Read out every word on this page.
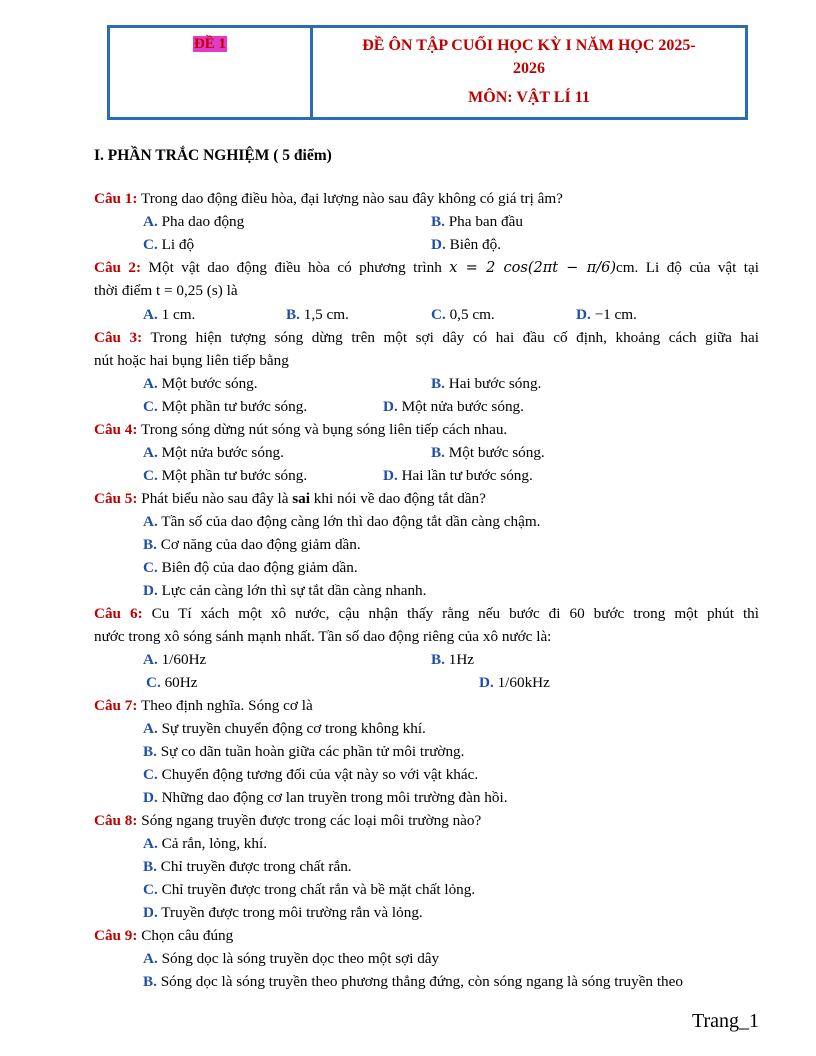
ĐỀ 1	ĐỀ ÔN TẬP CUỐI HỌC KỲ I NĂM HỌC 2025-
2026
MÔN: VẬT LÍ 11
I. PHẦN TRẮC NGHIỆM ( 5 điểm)
Câu 1: Trong dao động điều hòa, đại lượng nào sau đây không có giá trị âm?
A. Pha dao động	B. Pha ban đầu
C. Li độ	D. Biên độ.
Câu 2: Một vật dao động điều hòa có phương trình x = 2 cos(2πt − π/6)cm. Li độ của vật tại
thời điểm t = 0,25 (s) là
A. 1 cm.	B. 1,5 cm.	C. 0,5 cm.	D. −1 cm.
Câu 3: Trong hiện tượng sóng dừng trên một sợi dây có hai đầu cố định, khoảng cách giữa hai
nút hoặc hai bụng liên tiếp bằng
A. Một bước sóng.	B. Hai bước sóng.
C. Một phần tư bước sóng.	D. Một nửa bước sóng.
Câu 4: Trong sóng dừng nút sóng và bụng sóng liên tiếp cách nhau.
A. Một nửa bước sóng.	B. Một bước sóng.
C. Một phần tư bước sóng.	D. Hai lần tư bước sóng.
Câu 5: Phát biểu nào sau đây là sai khi nói về dao động tắt dần?
A. Tần số của dao động càng lớn thì dao động tắt dần càng chậm.
B. Cơ năng của dao động giảm dần.
C. Biên độ của dao động giảm dần.
D. Lực cản càng lớn thì sự tắt dần càng nhanh.
Câu 6: Cu Tí xách một xô nước, cậu nhận thấy rằng nếu bước đi 60 bước trong một phút thì
nước trong xô sóng sánh mạnh nhất. Tần số dao động riêng của xô nước là:
A. 1/60Hz	B. 1Hz
C. 60Hz	D. 1/60kHz
Câu 7: Theo định nghĩa. Sóng cơ là
A. Sự truyền chuyển động cơ trong không khí.
B. Sự co dãn tuần hoàn giữa các phần tử môi trường.
C. Chuyển động tương đối của vật này so với vật khác.
D. Những dao động cơ lan truyền trong môi trường đàn hồi.
Câu 8: Sóng ngang truyền được trong các loại môi trường nào?
A. Cả rắn, lỏng, khí.
B. Chỉ truyền được trong chất rắn.
C. Chỉ truyền được trong chất rắn và bề mặt chất lỏng.
D. Truyền được trong môi trường rắn và lỏng.
Câu 9: Chọn câu đúng
A. Sóng dọc là sóng truyền dọc theo một sợi dây
B. Sóng dọc là sóng truyền theo phương thẳng đứng, còn sóng ngang là sóng truyền theo
Trang_1
